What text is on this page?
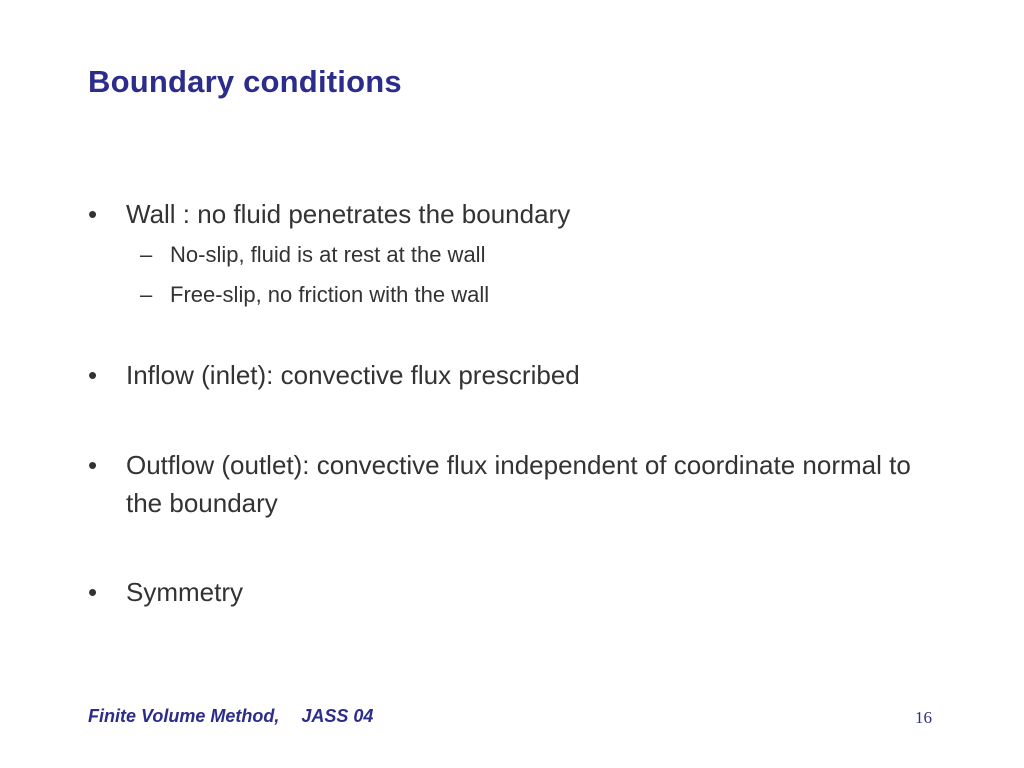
Boundary conditions
• Wall : no fluid penetrates the boundary
– No-slip, fluid is at rest at the wall
– Free-slip, no friction with the wall
• Inflow (inlet): convective flux prescribed
• Outflow (outlet): convective flux independent of coordinate normal to the boundary
• Symmetry
Finite Volume Method, JASS 04	16
